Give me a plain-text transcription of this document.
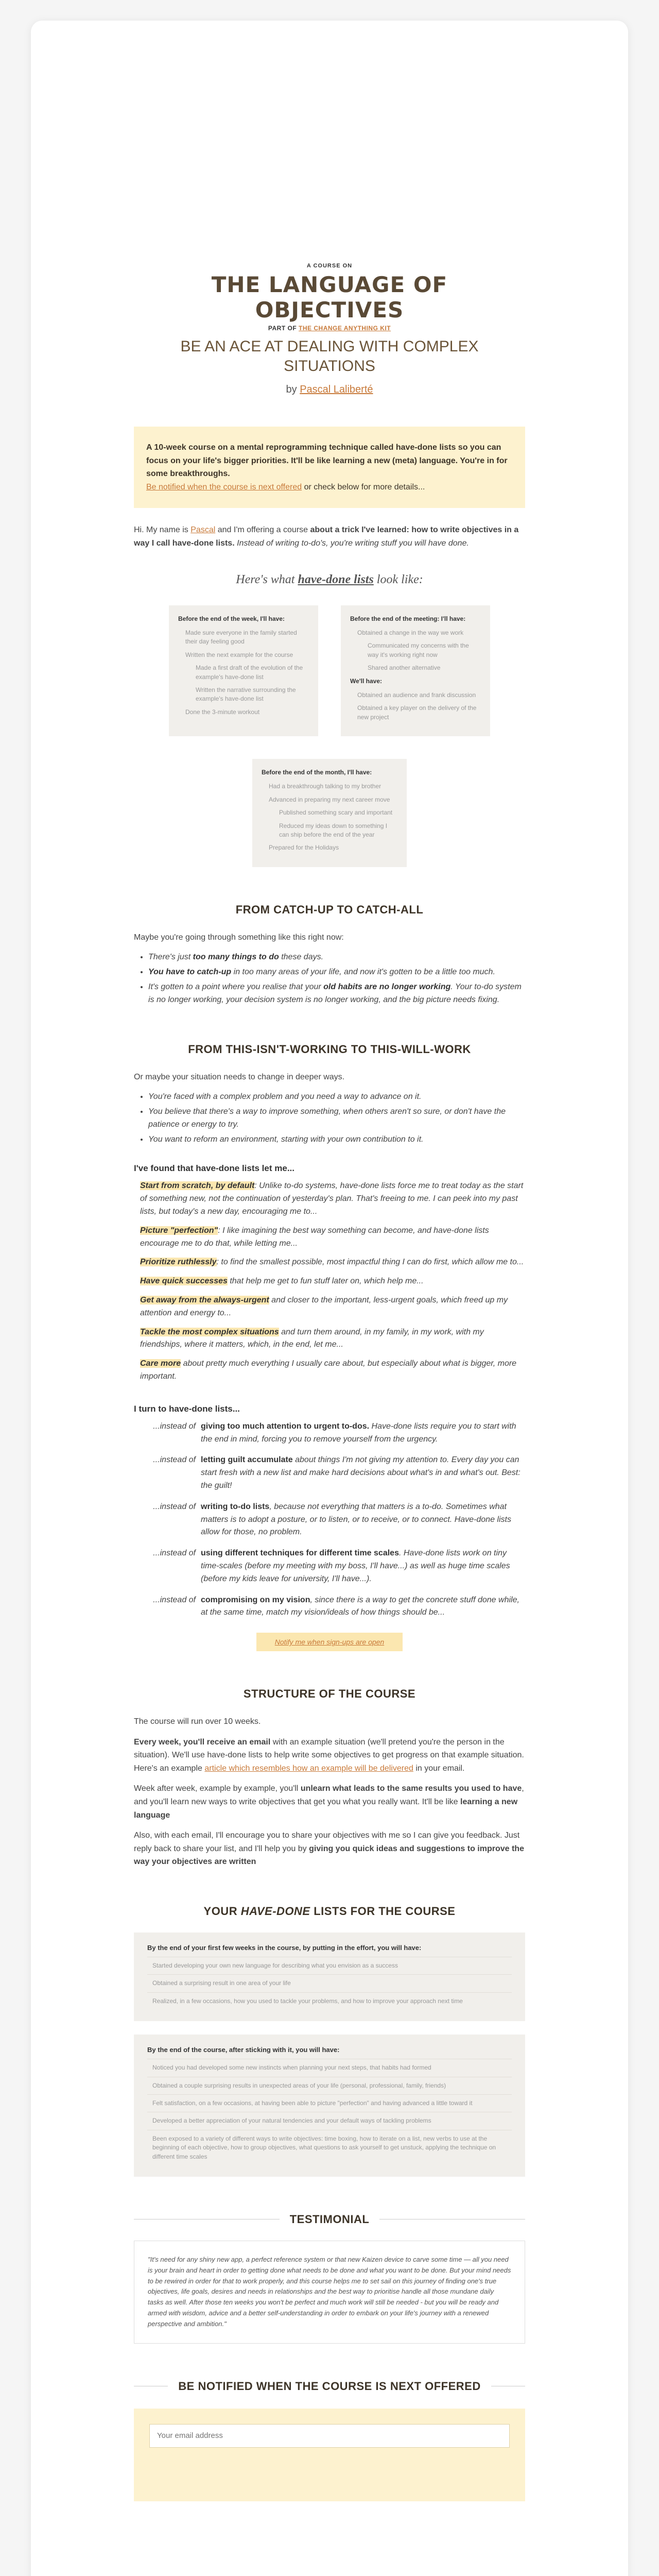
A COURSE ON
THE LANGUAGE OF OBJECTIVES
PART OF THE CHANGE ANYTHING KIT
BE AN ACE AT DEALING WITH COMPLEX SITUATIONS
by Pascal Laliberté
A 10-week course on a mental reprogramming technique called have-done lists so you can focus on your life's bigger priorities. It'll be like learning a new (meta) language. You're in for some breakthroughs.
Be notified when the course is next offered or check below for more details...

Hi. My name is Pascal and I'm offering a course about a trick I've learned: how to write objectives in a way I call have-done lists. Instead of writing to-do's, you're writing stuff you will have done.

Here's what have-done lists look like:
Before the end of the week, I'll have:
Made sure everyone in the family started their day feeling good
Written the next example for the course
Made a first draft of the evolution of the example's have-done list
Written the narrative surrounding the example's have-done list
Done the 3-minute workout
Before the end of the meeting: I'll have:
Obtained a change in the way we work
Communicated my concerns with the way it's working right now
Shared another alternative
We'll have:
Obtained an audience and frank discussion
Obtained a key player on the delivery of the new project
Before the end of the month, I'll have:
Had a breakthrough talking to my brother
Advanced in preparing my next career move
Published something scary and important
Reduced my ideas down to something I can ship before the end of the year
Prepared for the Holidays
FROM CATCH-UP TO CATCH-ALL

Maybe you're going through something like this right now:

• There's just too many things to do these days.
• You have to catch-up in too many areas of your life, and now it's gotten to be a little too much.
• It's gotten to a point where you realise that your old habits are no longer working. Your to-do system is no longer working, your decision system is no longer working, and the big picture needs fixing.
FROM THIS-ISN'T-WORKING TO THIS-WILL-WORK

Or maybe your situation needs to change in deeper ways.

• You're faced with a complex problem and you need a way to advance on it.
• You believe that there's a way to improve something, when others aren't so sure, or don't have the patience or energy to try.
• You want to reform an environment, starting with your own contribution to it.
I've found that have-done lists let me...
Start from scratch, by default: Unlike to-do systems, have-done lists force me to treat today as the start of something new, not the continuation of yesterday's plan. That's freeing to me. I can peek into my past lists, but today's a new day, encouraging me to...
Picture "perfection": I like imagining the best way something can become, and have-done lists encourage me to do that, while letting me...
Prioritize ruthlessly: to find the smallest possible, most impactful thing I can do first, which allow me to...
Have quick successes that help me get to fun stuff later on, which help me...
Get away from the always-urgent and closer to the important, less-urgent goals, which freed up my attention and energy to...
Tackle the most complex situations and turn them around, in my family, in my work, with my friendships, where it matters, which, in the end, let me...
Care more about pretty much everything I usually care about, but especially about what is bigger, more important.
I turn to have-done lists...
...instead of giving too much attention to urgent to-dos. Have-done lists require you to start with the end in mind, forcing you to remove yourself from the urgency.
...instead of letting guilt accumulate about things I'm not giving my attention to. Every day you can start fresh with a new list and make hard decisions about what's in and what's out. Best: the guilt!
...instead of writing to-do lists, because not everything that matters is a to-do. Sometimes what matters is to adopt a posture, or to listen, or to receive, or to connect. Have-done lists allow for those, no problem.
...instead of using different techniques for different time scales. Have-done lists work on tiny time-scales (before my meeting with my boss, I'll have...) as well as huge time scales (before my kids leave for university, I'll have...).
...instead of compromising on my vision, since there is a way to get the concrete stuff done while, at the same time, match my vision/ideals of how things should be...
Notify me when sign-ups are open
STRUCTURE OF THE COURSE

The course will run over 10 weeks.

Every week, you'll receive an email with an example situation (we'll pretend you're the person in the situation). We'll use have-done lists to help write some objectives to get progress on that example situation. Here's an example article which resembles how an example will be delivered in your email.

Week after week, example by example, you'll unlearn what leads to the same results you used to have, and you'll learn new ways to write objectives that get you what you really want. It'll be like learning a new language

Also, with each email, I'll encourage you to share your objectives with me so I can give you feedback. Just reply back to share your list, and I'll help you by giving you quick ideas and suggestions to improve the way your objectives are written

YOUR HAVE-DONE LISTS FOR THE COURSE
By the end of your first few weeks in the course, by putting in the effort, you will have:
Started developing your own new language for describing what you envision as a success
Obtained a surprising result in one area of your life
Realized, in a few occasions, how you used to tackle your problems, and how to improve your approach next time
By the end of the course, after sticking with it, you will have:
Noticed you had developed some new instincts when planning your next steps, that habits had formed
Obtained a couple surprising results in unexpected areas of your life (personal, professional, family, friends)
Felt satisfaction, on a few occasions, at having been able to picture "perfection" and having advanced a little toward it
Developed a better appreciation of your natural tendencies and your default ways of tackling problems
Been exposed to a variety of different ways to write objectives: time boxing, how to iterate on a list, new verbs to use at the beginning of each objective, how to group objectives, what questions to ask yourself to get unstuck, applying the technique on different time scales
TESTIMONIAL
"It's need for any shiny new app, a perfect reference system or that new Kaizen device to carve some time — all you need is your brain and heart in order to getting done what needs to be done and what you want to be done. But your mind needs to be rewired in order for that to work properly, and this course helps me to set sail on this journey of finding one's true objectives, life goals, desires and needs in relationships and the best way to prioritise handle all those mundane daily tasks as well. After those ten weeks you won't be perfect and much work will still be needed - but you will be ready and armed with wisdom, advice and a better self-understanding in order to embark on your life's journey with a renewed perspective and ambition."
BE NOTIFIED WHEN THE COURSE IS NEXT OFFERED
Your email address
